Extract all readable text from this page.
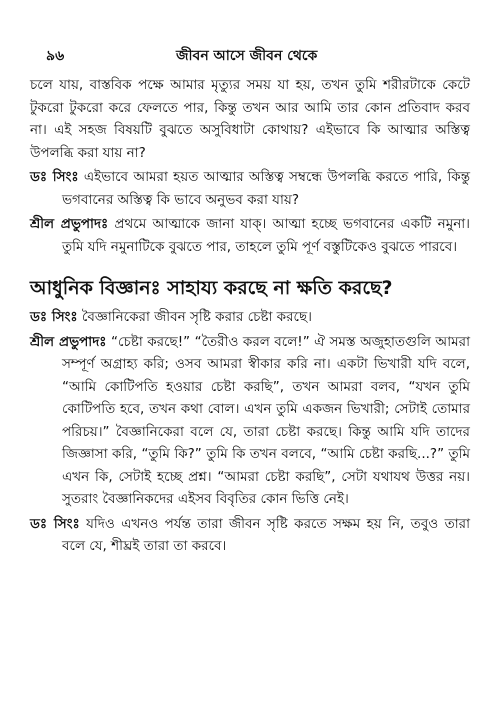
৯৬	জীবন আসে জীবন থেকে

চলে যায়, বাস্তবিক পক্ষে আমার মৃত্যুর সময় যা হয়, তখন তুমি শরীরটাকে কেটে টুকরো টুকরো করে ফেলতে পার, কিন্তু তখন আর আমি তার কোন প্রতিবাদ করব না। এই সহজ বিষয়টি বুঝতে অসুবিধাটা কোথায়? এইভাবে কি আত্মার অস্তিত্ব উপলব্ধি করা যায় না?

ডঃ সিংঃ এইভাবে আমরা হয়ত আত্মার অস্তিত্ব সম্বন্ধে উপলব্ধি করতে পারি, কিন্তু ভগবানের অস্তিত্ব কি ভাবে অনুভব করা যায়?

শ্রীল প্রভুপাদঃ প্রথমে আত্মাকে জানা যাক্। আত্মা হচ্ছে ভগবানের একটি নমুনা। তুমি যদি নমুনাটিকে বুঝতে পার, তাহলে তুমি পূর্ণ বস্তুটিকেও বুঝতে পারবে।

আধুনিক বিজ্ঞানঃ সাহায্য করছে না ক্ষতি করছে?

ডঃ সিংঃ বৈজ্ঞানিকেরা জীবন সৃষ্টি করার চেষ্টা করছে।

শ্রীল প্রভুপাদঃ “চেষ্টা করছে!” “তৈরীও করল বলে!” ঐ সমস্ত অজুহাতগুলি আমরা সম্পূর্ণ অগ্রাহ্য করি; ওসব আমরা স্বীকার করি না। একটা ভিখারী যদি বলে, “আমি কোটিপতি হওয়ার চেষ্টা করছি”, তখন আমরা বলব, “যখন তুমি কোটিপতি হবে, তখন কথা বোল। এখন তুমি একজন ভিখারী; সেটাই তোমার পরিচয়।” বৈজ্ঞানিকেরা বলে যে, তারা চেষ্টা করছে। কিন্তু আমি যদি তাদের জিজ্ঞাসা করি, “তুমি কি?” তুমি কি তখন বলবে, “আমি চেষ্টা করছি...?” তুমি এখন কি, সেটাই হচ্ছে প্রশ্ন। “আমরা চেষ্টা করছি”, সেটা যথাযথ উত্তর নয়। সুতরাং বৈজ্ঞানিকদের এইসব বিবৃতির কোন ভিত্তি নেই।

ডঃ সিংঃ যদিও এখনও পর্যন্ত তারা জীবন সৃষ্টি করতে সক্ষম হয় নি, তবুও তারা বলে যে, শীঘ্রই তারা তা করবে।
